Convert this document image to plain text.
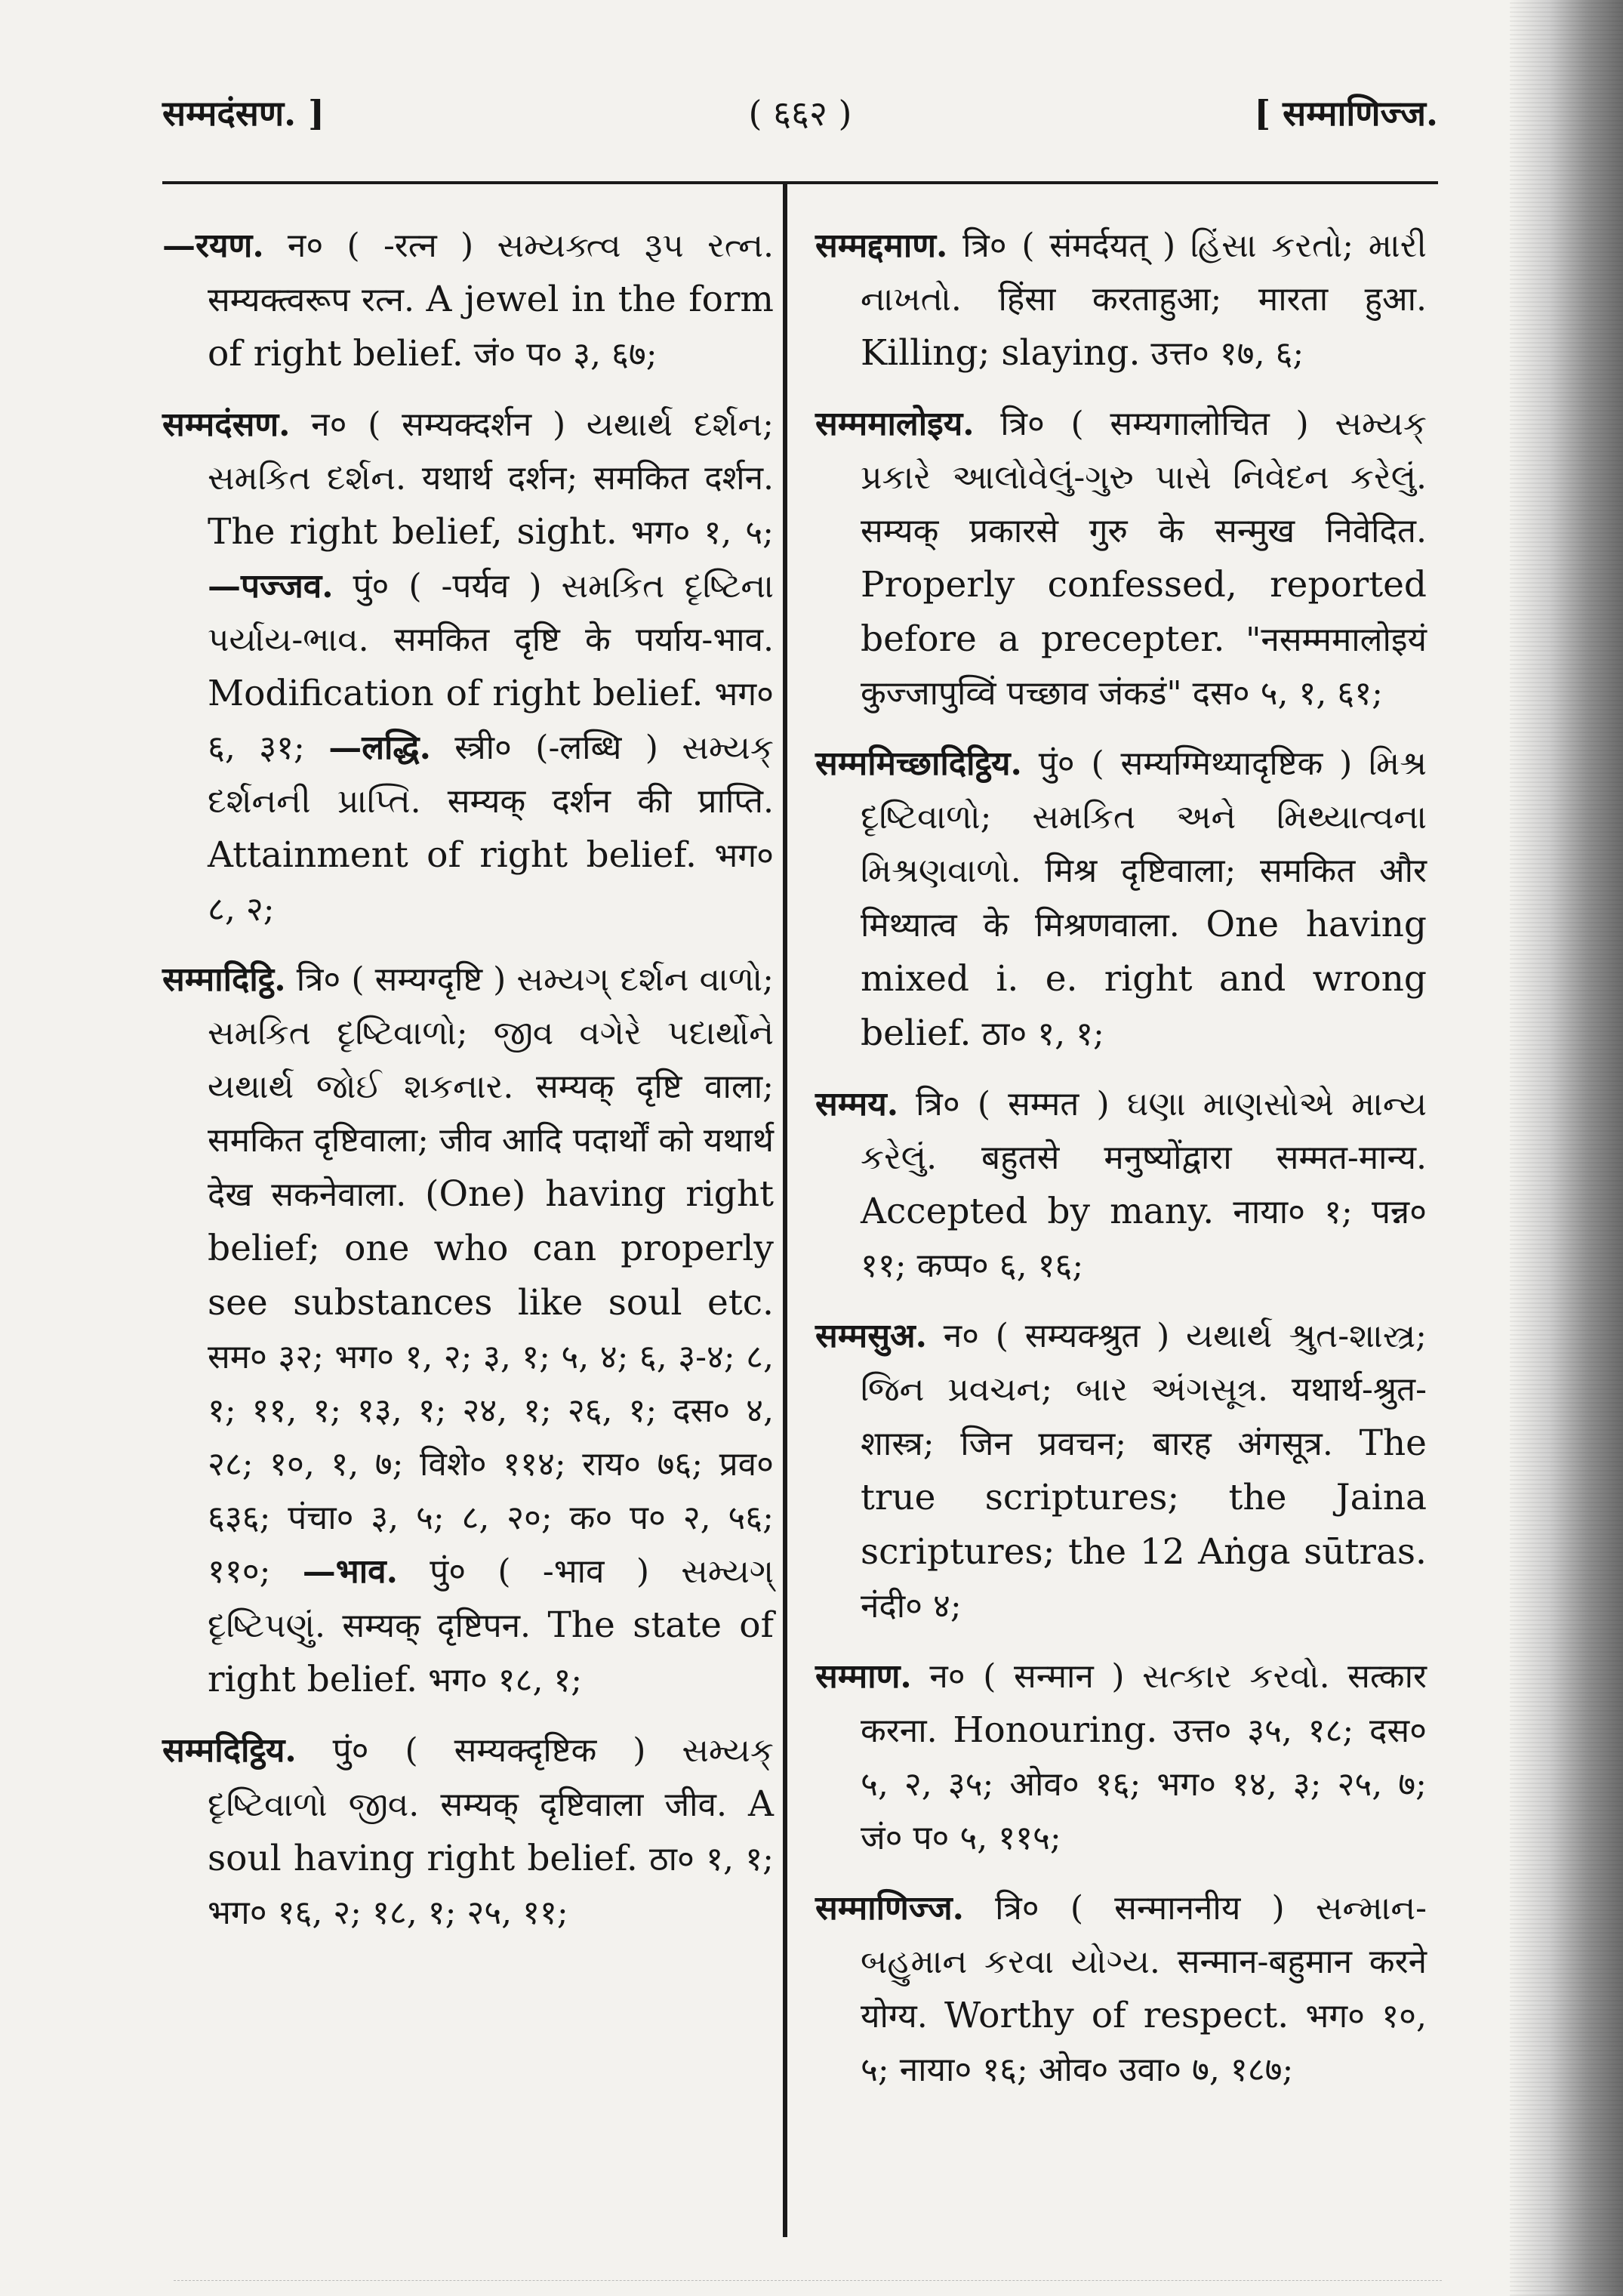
सम्मदंसण. ]	( ६६२ )	[ सम्माणिज्ज.

—रयण. न० ( -रत्न ) સમ્યક્ત્વ રૂપ રત્ન. सम्यक्त्वरूप रत्न. A jewel in the form of right belief. जं० प० ३, ६७;

सम्मदंसण. न० ( सम्यक्दर्शन ) યથાર્થ દર્શન; સમકિત દર્શન. यथार्थ दर्शन; समकित दर्शन. The right belief, sight. भग० १, ५; —पज्जव. पुं० ( -पर्यव ) સમકિત દૃષ્ટિના પર્યાય-ભાવ. समकित दृष्टि के पर्याय-भाव. Modification of right belief. भग० ६, ३१; —लद्धि. स्त्री० (-लब्धि ) સમ્યક્ દર્શનની પ્રાપ્તિ. सम्यक् दर्शन की प्राप्ति. Attainment of right belief. भग० ८, २;

सम्मादिट्ठि. त्रि० ( सम्यग्दृष्टि ) સમ્યગ્ દર્શન વાળો; સમકિત દૃષ્ટિવાળો; જીવ વગેરે પદાર્થોને યથાર્થ જોઈ શકનાર. सम्यक् दृष्टि वाला; समकित दृष्टिवाला; जीव आदि पदार्थों को यथार्थ देख सकनेवाला. (One) having right belief; one who can properly see substances like soul etc. सम० ३२; भग० १, २; ३, १; ५, ४; ६, ३-४; ८, १; ११, १; १३, १; २४, १; २६, १; दस० ४, २८; १०, १, ७; विशे० ११४; राय० ७६; प्रव० ६३६; पंचा० ३, ५; ८, २०; क० प० २, ५६; ११०; —भाव. पुं० ( -भाव ) સમ્યગ્ દૃષ્ટિપણું. सम्यक् दृष्टिपन. The state of right belief. भग० १८, १;

सम्मदिट्ठिय. पुं० ( सम्यक्दृष्टिक ) સમ્યક્ દૃષ્ટિવાળો જીવ. सम्यक् दृष्टिवाला जीव. A soul having right belief. ठा० १, १; भग० १६, २; १८, १; २५, ११;

सम्मद्दमाण. त्रि० ( संमर्दयत् ) હિંસા કરતો; મારી નાખતો. हिंसा करताहुआ; मारता हुआ. Killing; slaying. उत्त० १७, ६;

सम्ममालोइय. त्रि० ( सम्यगालोचित ) સમ્યક્ પ્રકારે આલોવેલું-ગુરુ પાસે નિવેદન કરેલું. सम्यक् प्रकारसे गुरु के सन्मुख निवेदित. Properly confessed, reported before a precepter. "नसम्ममालोइयं कुज्जापुव्विं पच्छाव जंकडं" दस० ५, १, ६१;

सम्ममिच्छादिट्ठिय. पुं० ( सम्यग्मिथ्यादृष्टिक ) મિશ્ર દૃષ્ટિવાળો; સમકિત અને મિથ્યાત્વના મિશ્રણવાળો. मिश्र दृष्टिवाला; समकित और मिथ्यात्व के मिश्रणवाला. One having mixed i. e. right and wrong belief. ठा० १, १;

सम्मय. त्रि० ( सम्मत ) ઘણા માણસોએ માન્ય કરેલું. बहुतसे मनुष्योंद्वारा सम्मत-मान्य. Accepted by many. नाया० १; पन्न० ११; कप्प० ६, १६;

सम्मसुअ. न० ( सम्यक्श्रुत ) યથાર્થ શ્રુત-શાસ્ત્ર; જિન પ્રવચન; બાર અંગસૂત્ર. यथार्थ-श्रुत-शास्त्र; जिन प्रवचन; बारह अंगसूत्र. The true scriptures; the Jaina scriptures; the 12 Aṅga sūtras. नंदी० ४;

सम्माण. न० ( सन्मान ) સત્કાર કરવો. सत्कार करना. Honouring. उत्त० ३५, १८; दस० ५, २, ३५; ओव० १६; भग० १४, ३; २५, ७; जं० प० ५, ११५;

सम्माणिज्ज. त्रि० ( सन्माननीय ) સન્માન-બહુમાન કરવા યોગ્ય. सन्मान-बहुमान करने योग्य. Worthy of respect. भग० १०, ५; नाया० १६; ओव० उवा० ७, १८७;
